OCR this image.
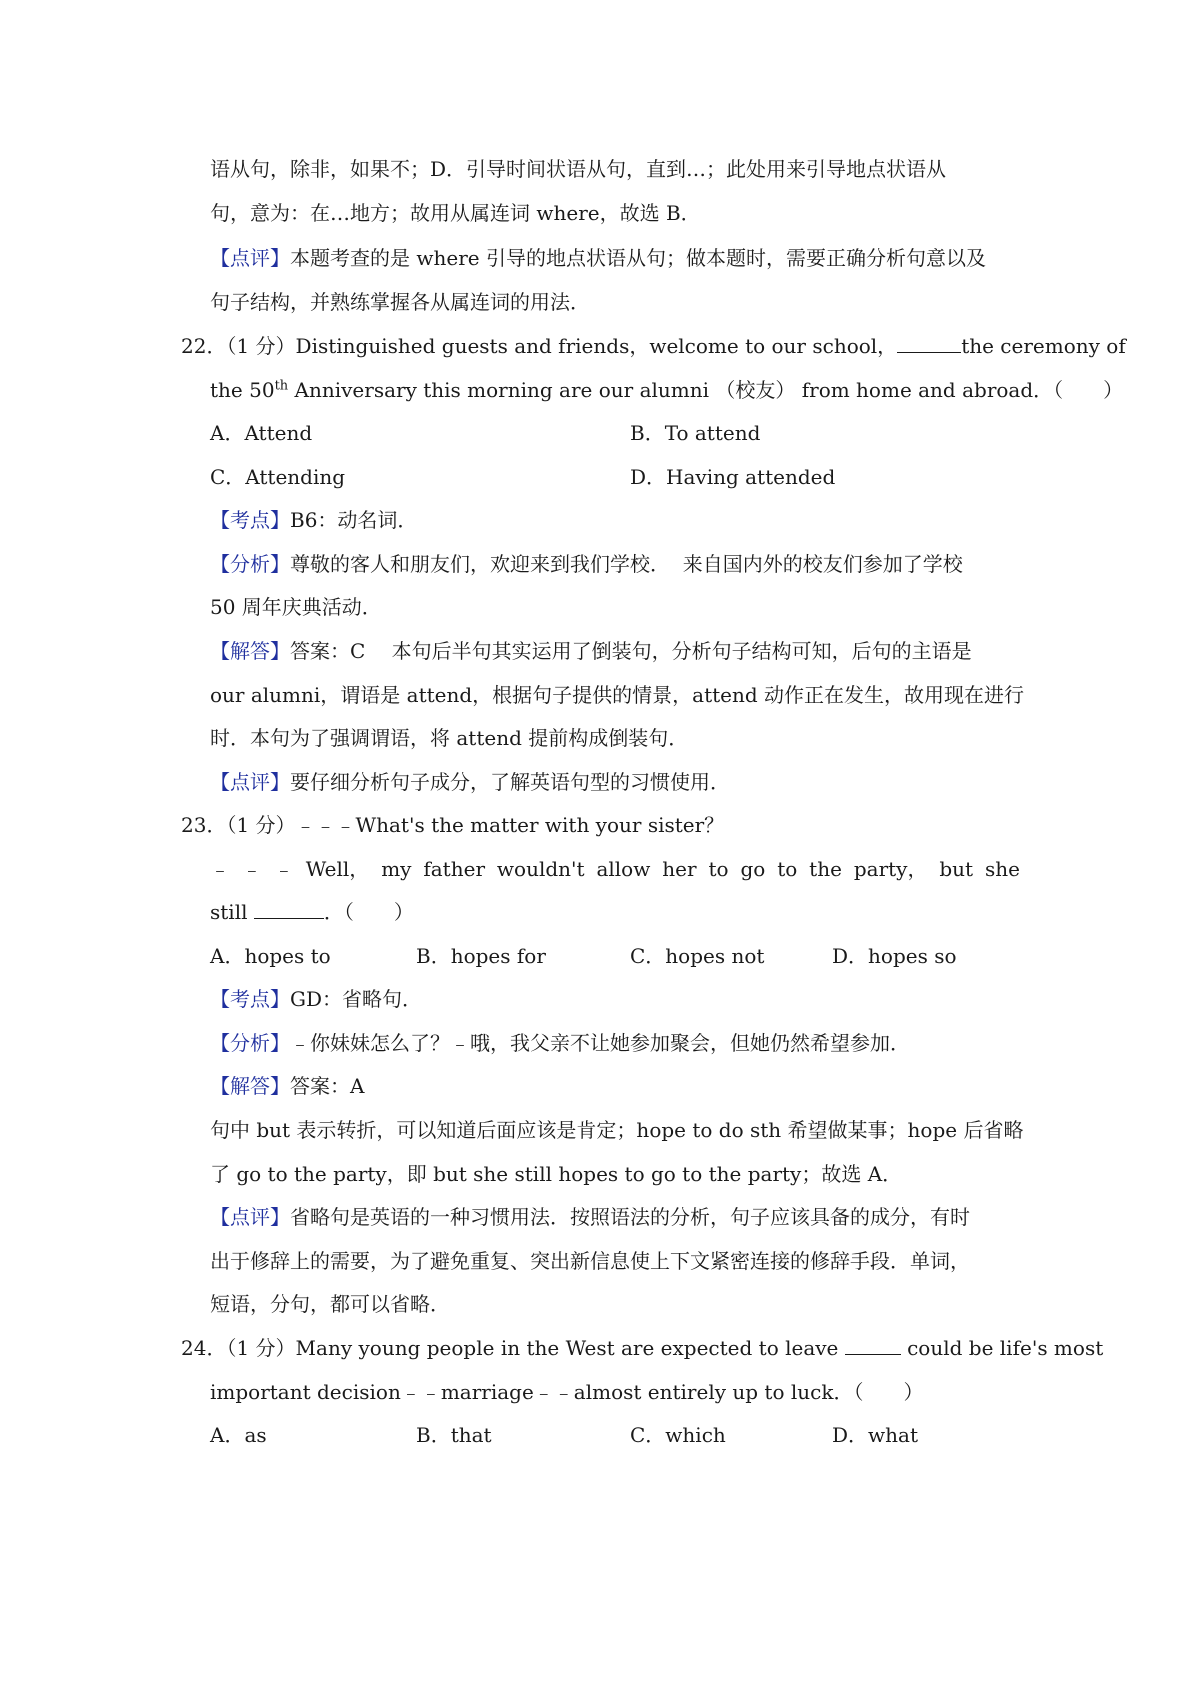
语从句，除非，如果不；D．引导时间状语从句，直到…；此处用来引导地点状语从
句，意为：在…地方；故用从属连词 where，故选 B．
【点评】本题考查的是 where 引导的地点状语从句；做本题时，需要正确分析句意以及
句子结构，并熟练掌握各从属连词的用法．
22．（1 分）Distinguished guests and friends，welcome to our school，	the ceremony of
the 50th Anniversary this morning are our alumni （校友） from home and abroad．（　　）
A．Attend	B．To attend
C．Attending	D．Having attended
【考点】B6：动名词．
【分析】尊敬的客人和朋友们，欢迎来到我们学校．  来自国内外的校友们参加了学校
50 周年庆典活动．
【解答】答案：C　 本句后半句其实运用了倒装句，分析句子结构可知，后句的主语是
our alumni，谓语是 attend，根据句子提供的情景，attend 动作正在发生，故用现在进行
时．本句为了强调谓语，将 attend 提前构成倒装句．
【点评】要仔细分析句子成分，了解英语句型的习惯使用．
23．（1 分）﹣﹣﹣What's the matter with your sister？
﹣ ﹣ ﹣ Well， my father wouldn't allow her to go to the party， but she
still	．（　　）
A．hopes to	B．hopes for	C．hopes not	D．hopes so
【考点】GD：省略句．
【分析】﹣你妹妹怎么了？﹣哦，我父亲不让她参加聚会，但她仍然希望参加．
【解答】答案：A
句中 but 表示转折，可以知道后面应该是肯定；hope to do sth 希望做某事；hope 后省略
了 go to the party，即 but she still hopes to go to the party；故选 A．
【点评】省略句是英语的一种习惯用法．按照语法的分析，句子应该具备的成分，有时
出于修辞上的需要，为了避免重复、突出新信息使上下文紧密连接的修辞手段．单词，
短语，分句，都可以省略．
24．（1 分）Many young people in the West are expected to leave	could be life's most
important decision﹣﹣marriage﹣﹣almost entirely up to luck．（　　）
A．as	B．that	C．which	D．what
